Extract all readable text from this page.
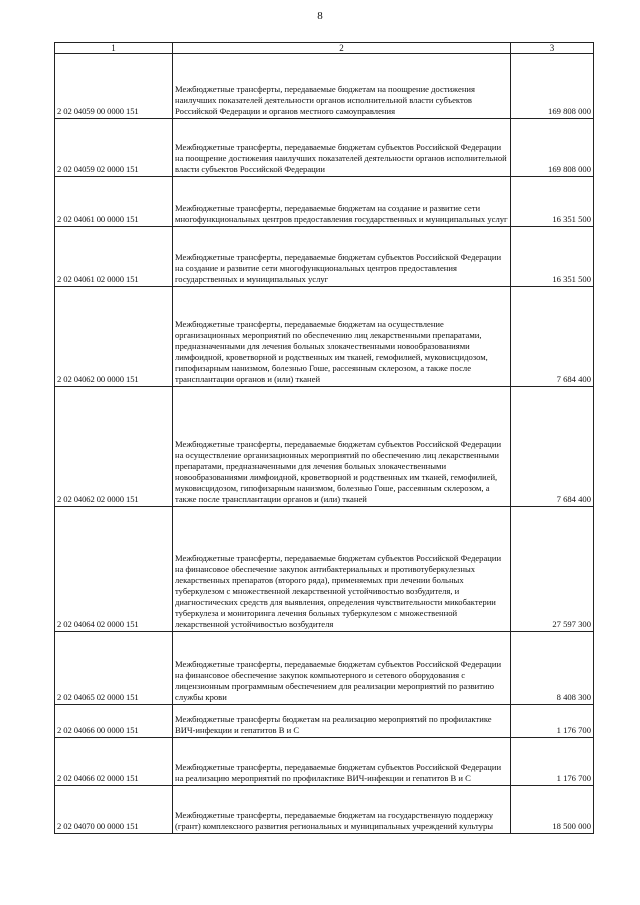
8
1	2	3
2 02 04059 00 0000 151	Межбюджетные трансферты, передаваемые бюджетам на поощрение достижения наилучших показателей деятельности органов исполнительной власти субъектов Российской Федерации и органов местного самоуправления	169 808 000
2 02 04059 02 0000 151	Межбюджетные трансферты, передаваемые бюджетам субъектов Российской Федерации на поощрение достижения наилучших показателей деятельности органов исполнительной власти субъектов Российской Федерации	169 808 000
2 02 04061 00 0000 151	Межбюджетные трансферты, передаваемые бюджетам на создание и развитие сети многофункциональных центров предоставления государственных и муниципальных услуг	16 351 500
2 02 04061 02 0000 151	Межбюджетные трансферты, передаваемые бюджетам субъектов Российской Федерации на создание и развитие сети многофункциональных центров предоставления государственных и муниципальных услуг	16 351 500
2 02 04062 00 0000 151	Межбюджетные трансферты, передаваемые бюджетам на осуществление организационных мероприятий по обеспечению лиц лекарственными препаратами, предназначенными для лечения больных злокачественными новообразованиями лимфоидной, кроветворной и родственных им тканей, гемофилией, муковисцидозом, гипофизарным нанизмом, болезнью Гоше, рассеянным склерозом, а также после трансплантации органов и (или) тканей	7 684 400
2 02 04062 02 0000 151	Межбюджетные трансферты, передаваемые бюджетам субъектов Российской Федерации на осуществление организационных мероприятий по обеспечению лиц лекарственными препаратами, предназначенными для лечения больных злокачественными новообразованиями лимфоидной, кроветворной и родственных им тканей, гемофилией, муковисцидозом, гипофизарным нанизмом, болезнью Гоше, рассеянным склерозом, а также после трансплантации органов и (или) тканей	7 684 400
2 02 04064 02 0000 151	Межбюджетные трансферты, передаваемые бюджетам субъектов Российской Федерации на финансовое обеспечение закупок антибактериальных и противотуберкулезных лекарственных препаратов (второго ряда), применяемых при лечении больных туберкулезом с множественной лекарственной устойчивостью возбудителя, и диагностических средств для выявления, определения чувствительности микобактерии туберкулеза и мониторинга лечения больных туберкулезом с множественной лекарственной устойчивостью возбудителя	27 597 300
2 02 04065 02 0000 151	Межбюджетные трансферты, передаваемые бюджетам субъектов Российской Федерации на финансовое обеспечение закупок компьютерного и сетевого оборудования с лицензионным программным обеспечением для реализации мероприятий по развитию службы крови	8 408 300
2 02 04066 00 0000 151	Межбюджетные трансферты бюджетам на реализацию мероприятий по профилактике ВИЧ-инфекции и гепатитов В и С	1 176 700
2 02 04066 02 0000 151	Межбюджетные трансферты, передаваемые бюджетам субъектов Российской Федерации на реализацию мероприятий по профилактике ВИЧ-инфекции и гепатитов В и С	1 176 700
2 02 04070 00 0000 151	Межбюджетные трансферты, передаваемые бюджетам на государственную поддержку (грант) комплексного развития региональных и муниципальных учреждений культуры	18 500 000
